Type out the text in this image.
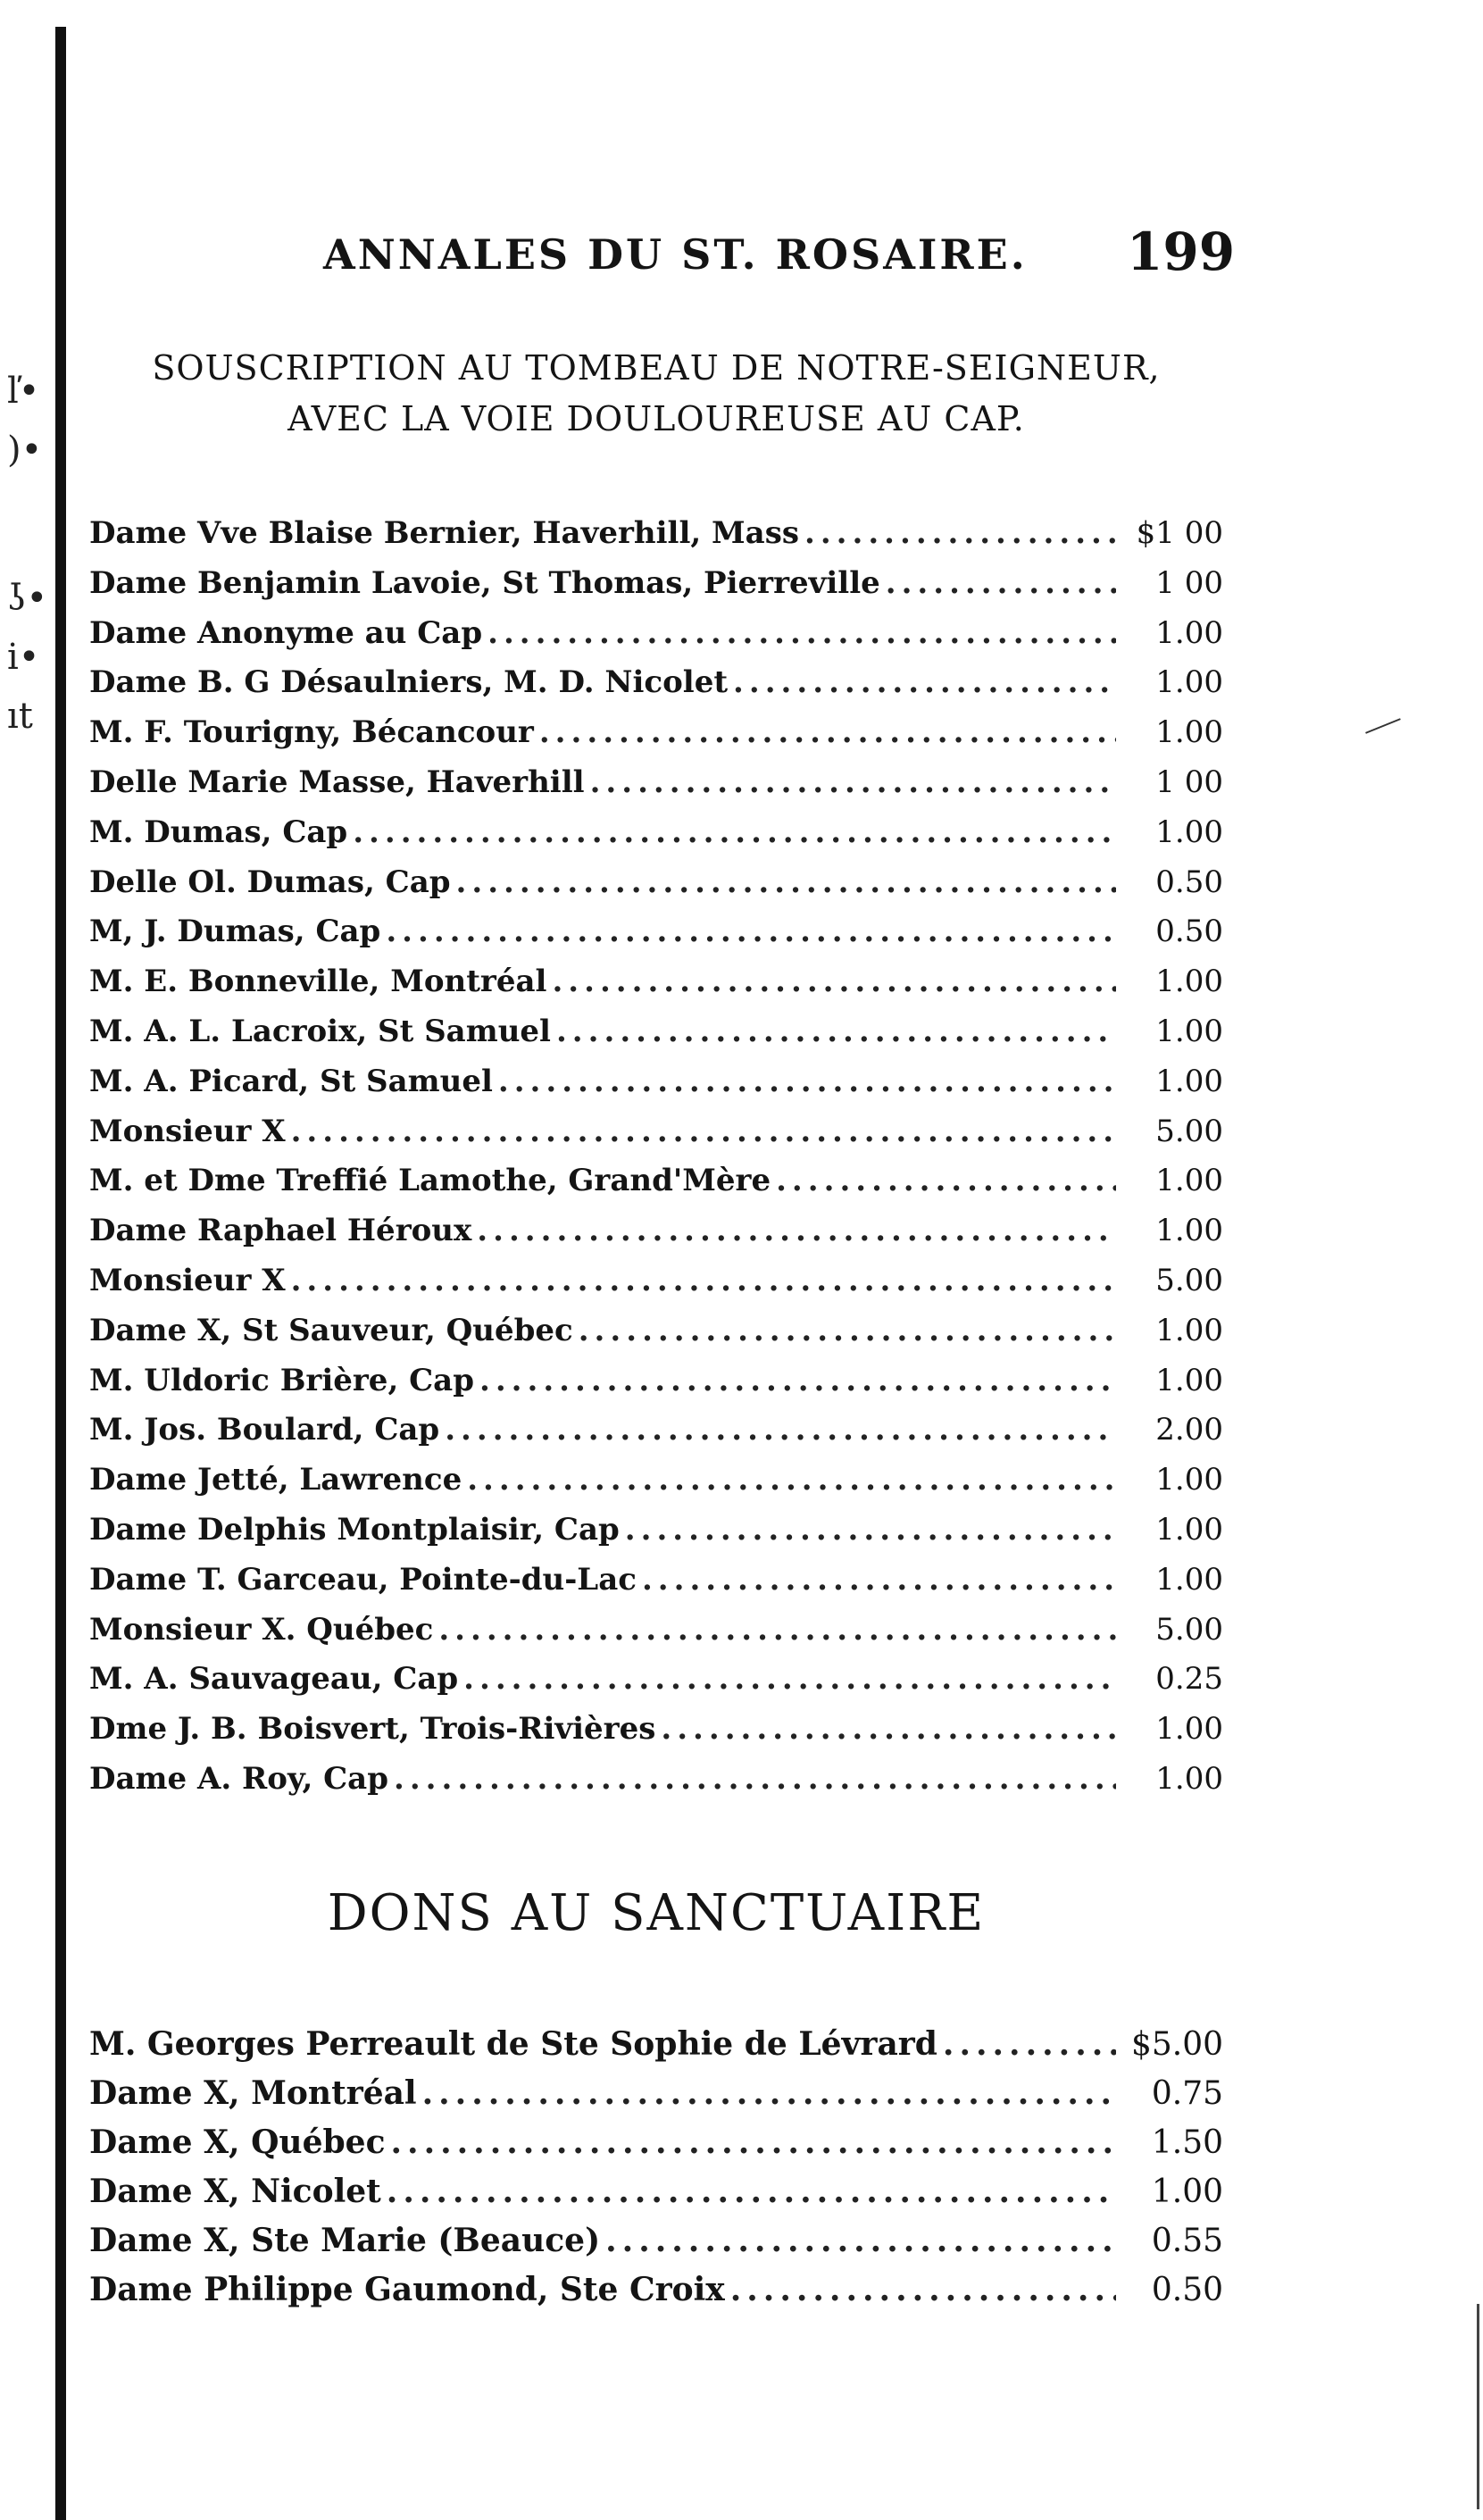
ľ•
)•
ʖ•
i•
ıt
ANNALES DU ST. ROSAIRE.	199
SOUSCRIPTION AU TOMBEAU DE NOTRE-SEIGNEUR,
AVEC LA VOIE DOULOUREUSE AU CAP.
Dame Vve Blaise Bernier, Haverhill, Mass .....	$1 00
Dame Benjamin Lavoie, St Thomas, Pierreville .....	1 00
Dame Anonyme au Cap .....	1.00
Dame B. G Désaulniers, M. D. Nicolet .....	1.00
M. F. Tourigny, Bécancour .....	1.00
Delle Marie Masse, Haverhill .....	1 00
M. Dumas, Cap .....	1.00
Delle Ol. Dumas, Cap .....	0.50
M, J. Dumas, Cap .....	0.50
M. E. Bonneville, Montréal .....	1.00
M. A. L. Lacroix, St Samuel .....	1.00
M. A. Picard, St Samuel .....	1.00
Monsieur X .....	5.00
M. et Dme Treffié Lamothe, Grand'Mère .....	1.00
Dame Raphael Héroux .....	1.00
Monsieur X .....	5.00
Dame X, St Sauveur, Québec .....	1.00
M. Uldoric Brière, Cap .....	1.00
M. Jos. Boulard, Cap .....	2.00
Dame Jetté, Lawrence .....	1.00
Dame Delphis Montplaisir, Cap .....	1.00
Dame T. Garceau, Pointe-du-Lac .....	1.00
Monsieur X. Québec .....	5.00
M. A. Sauvageau, Cap .....	0.25
Dme J. B. Boisvert, Trois-Rivières .....	1.00
Dame A. Roy, Cap .....	1.00
DONS AU SANCTUAIRE
M. Georges Perreault de Ste Sophie de Lévrard .....	$5.00
Dame X, Montréal .....	0.75
Dame X, Québec .....	1.50
Dame X, Nicolet .....	1.00
Dame X, Ste Marie (Beauce) .....	0.55
Dame Philippe Gaumond, Ste Croix .....	0.50
